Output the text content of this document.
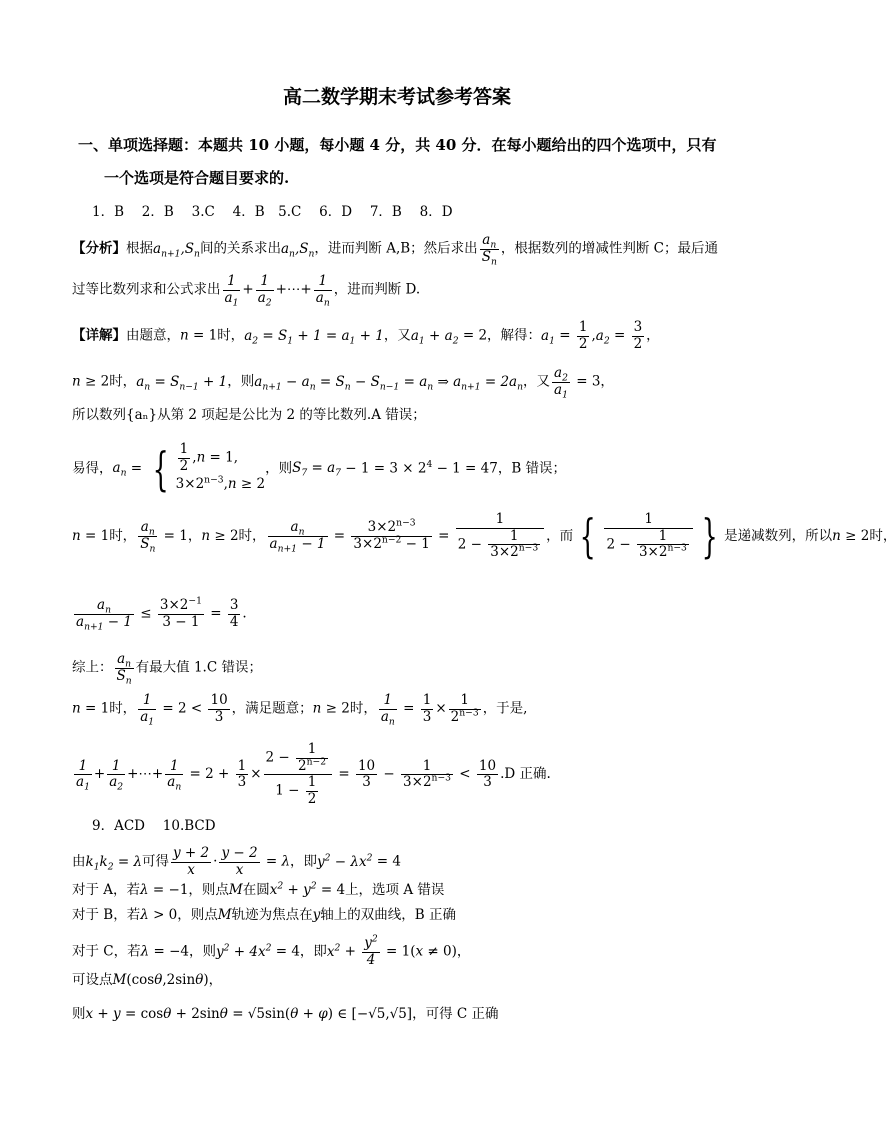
高二数学期末考试参考答案
一、单项选择题：本题共 10 小题，每小题 4 分，共 40 分．在每小题给出的四个选项中，只有
一个选项是符合题目要求的.
1．B　 2．B　 3.C　 4．B　5.C　 6．D　 7．B　 8．D
【分析】根据$a_{n+1},S_n$间的关系求出$a_n,S_n$，进而判断 A,B；然后求出 $\frac{a_n}{S_n}$ ，根据数列的增减性判断 C；最后通
过等比数列求和公式求出 $\frac{1}{a_1} + \frac{1}{a_2}$ +⋯+ $\frac{1}{a_n}$ ，进而判断 D.
【详解】由题意，n = 1时，$a_2 = S_1 + 1 = a_1 + 1$，又$a_1 + a_2 = 2$，解得：$a_1 = \frac{1}{2} ,a_2 = \frac{3}{2}$ ，
n ≥ 2时，$a_n = S_{n-1} + 1$，则$a_{n+1} - a_n = S_n - S_{n-1} = a_n$ ⇒ $a_{n+1} = 2a_n$，又 $\frac{a_2}{a_1} = 3$，
所以数列{aₙ}从第 2 项起是公比为 2 的等比数列.A 错误；
易得，$a_n$ = { $\frac{1}{2} ,n = 1$,
$3\times 2^{n-3},n \ge 2$，则$S_7 = a_7 - 1 = 3 \times 2^4 - 1 = 47$，B 错误；
n = 1时， $\frac{a_n}{S_n} = 1$，n ≥ 2时， $\frac{a_n}{a_{n+1} - 1} = \frac{3\times 2^{n-3}}{3\times 2^{n-2} - 1} = \frac{1}{2 - \frac{1}{3\times 2^{n-3}}}$ ，而 { $\frac{1}{2 - \frac{1}{3\times 2^{n-3}}}$ } 是递减数列，所以n ≥ 2时，
$\frac{a_n}{a_{n+1} - 1} \le \frac{3\times 2^{-1}}{3 - 1} = \frac{3}{4}$ .
综上： $\frac{a_n}{S_n}$ 有最大值 1.C 错误；
n = 1时， $\frac{1}{a_1} = 2 < \frac{10}{3}$ ，满足题意；n ≥ 2时， $\frac{1}{a_n} = \frac{1}{3} \times \frac{1}{2^{n-3}}$ ，于是,
$\frac{1}{a_1} + \frac{1}{a_2}$ +⋯+ $\frac{1}{a_n} = 2 + \frac{1}{3} \times \frac{2 - \frac{1}{2^{n-2}}}{1 - \frac{1}{2}} = \frac{10}{3} - \frac{1}{3\times 2^{n-3}} < \frac{10}{3} .D$ 正确.
9．ACD　 10.BCD
由$k_1k_2 = \lambda$可得 $\frac{y + 2}{x} \cdot \frac{y - 2}{x} = \lambda$，即$y^2 - \lambda x^2 = 4$
对于 A，若λ = −1，则点M在圆$x^2 + y^2 = 4$上，选项 A 错误
对于 B，若λ > 0，则点M轨迹为焦点在y轴上的双曲线，B 正确
对于 C，若λ = −4，则$y^2 + 4x^2 = 4$，即$x^2 + \frac{y^2}{4} = 1(x \ne 0)$，
可设点M(cosθ,2sinθ)，
则x + y = cosθ + 2sinθ = √5sin(θ + φ) ∈ [−√5,√5]，可得 C 正确
